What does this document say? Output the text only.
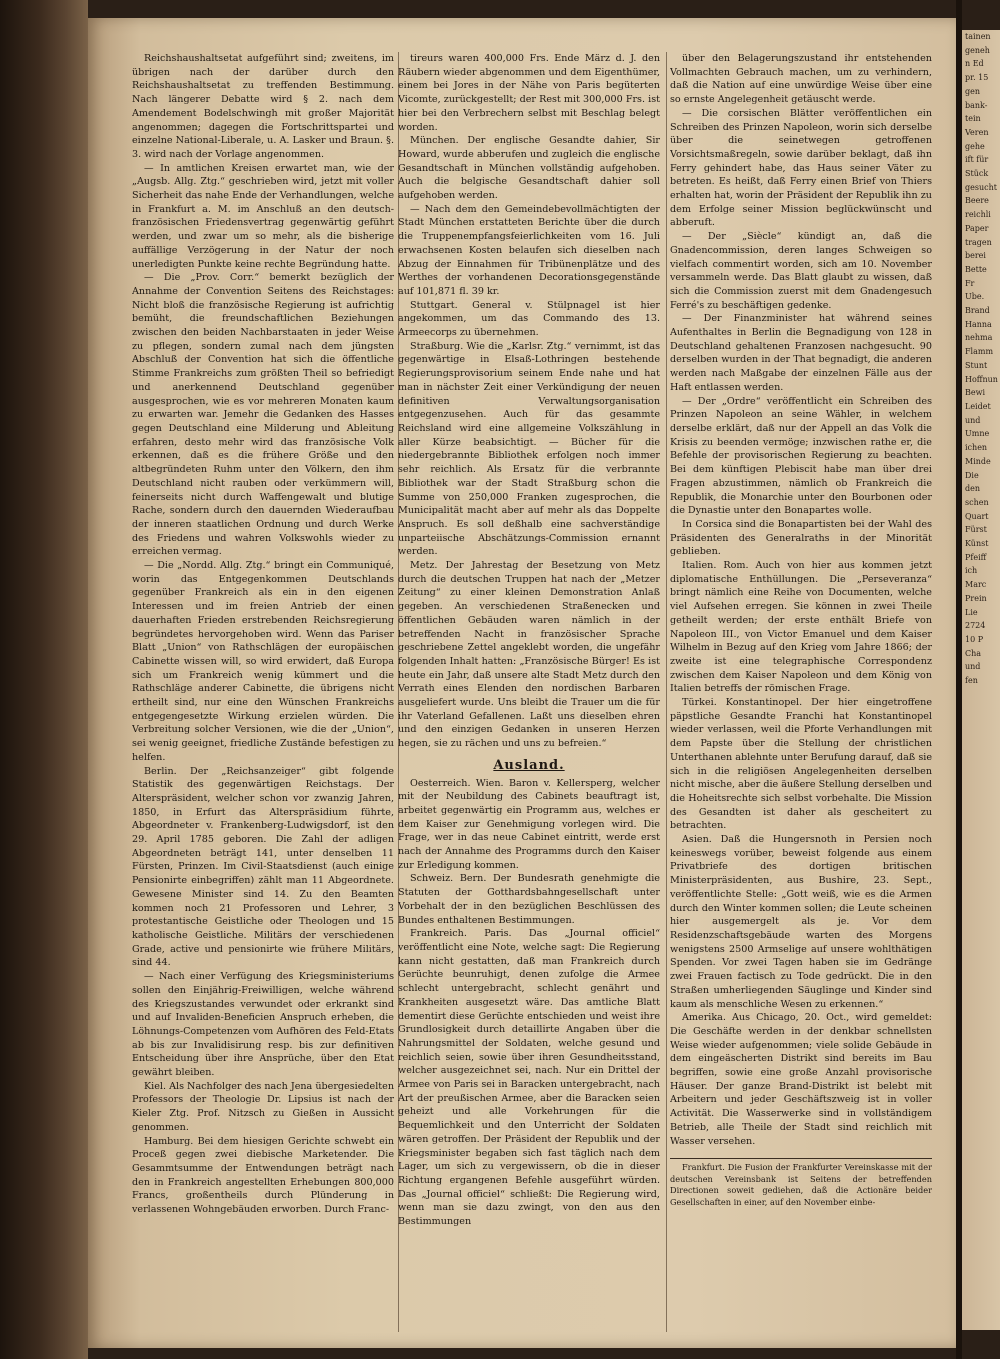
Reichshaushaltsetat aufgeführt sind; zweitens, im übrigen nach der darüber durch den Reichshaushaltsetat zu treffenden Bestimmung. Nach längerer Debatte wird § 2. nach dem Amendement Bodelschwingh mit großer Majorität angenommen; dagegen die Fortschrittspartei und einzelne National-Liberale, u. A. Lasker und Braun. §. 3. wird nach der Vorlage angenommen.

— In amtlichen Kreisen erwartet man, wie der „Augsb. Allg. Ztg.“ geschrieben wird, jetzt mit voller Sicherheit das nahe Ende der Verhandlungen, welche in Frankfurt a. M. im Anschluß an den deutsch-französischen Friedensvertrag gegenwärtig geführt werden, und zwar um so mehr, als die bisherige auffällige Verzögerung in der Natur der noch unerledigten Punkte keine rechte Begründung hatte.

— Die „Prov. Corr.“ bemerkt bezüglich der Annahme der Convention Seitens des Reichstages: Nicht bloß die französische Regierung ist aufrichtig bemüht, die freundschaftlichen Beziehungen zwischen den beiden Nachbarstaaten in jeder Weise zu pflegen, sondern zumal nach dem jüngsten Abschluß der Convention hat sich die öffentliche Stimme Frankreichs zum größten Theil so befriedigt und anerkennend Deutschland gegenüber ausgesprochen, wie es vor mehreren Monaten kaum zu erwarten war. Jemehr die Gedanken des Hasses gegen Deutschland eine Milderung und Ableitung erfahren, desto mehr wird das französische Volk erkennen, daß es die frühere Größe und den altbegründeten Ruhm unter den Völkern, den ihm Deutschland nicht rauben oder verkümmern will, feinerseits nicht durch Waffengewalt und blutige Rache, sondern durch den dauernden Wiederaufbau der inneren staatlichen Ordnung und durch Werke des Friedens und wahren Volkswohls wieder zu erreichen vermag.

— Die „Nordd. Allg. Ztg.“ bringt ein Communiqué, worin das Entgegenkommen Deutschlands gegenüber Frankreich als ein in den eigenen Interessen und im freien Antrieb der einen dauerhaften Frieden erstrebenden Reichsregierung begründetes hervorgehoben wird. Wenn das Pariser Blatt „Union“ von Rathschlägen der europäischen Cabinette wissen will, so wird erwidert, daß Europa sich um Frankreich wenig kümmert und die Rathschläge anderer Cabinette, die übrigens nicht ertheilt sind, nur eine den Wünschen Frankreichs entgegengesetzte Wirkung erzielen würden. Die Verbreitung solcher Versionen, wie die der „Union“, sei wenig geeignet, friedliche Zustände befestigen zu helfen.

Berlin. Der „Reichsanzeiger“ gibt folgende Statistik des gegenwärtigen Reichstags. Der Alterspräsident, welcher schon vor zwanzig Jahren, 1850, in Erfurt das Alterspräsidium führte, Abgeordneter v. Frankenberg-Ludwigsdorf, ist den 29. April 1785 geboren. Die Zahl der adligen Abgeordneten beträgt 141, unter denselben 11 Fürsten, Prinzen. Im Civil-Staatsdienst (auch einige Pensionirte einbegriffen) zählt man 11 Abgeordnete. Gewesene Minister sind 14. Zu den Beamten kommen noch 21 Professoren und Lehrer, 3 protestantische Geistliche oder Theologen und 15 katholische Geistliche. Militärs der verschiedenen Grade, active und pensionirte wie frühere Militärs, sind 44.

— Nach einer Verfügung des Kriegsministeriums sollen den Einjährig-Freiwilligen, welche während des Kriegszustandes verwundet oder erkrankt sind und auf Invaliden-Beneficien Anspruch erheben, die Löhnungs-Competenzen vom Aufhören des Feld-Etats ab bis zur Invalidisirung resp. bis zur definitiven Entscheidung über ihre Ansprüche, über den Etat gewährt bleiben.

Kiel. Als Nachfolger des nach Jena übergesiedelten Professors der Theologie Dr. Lipsius ist nach der Kieler Ztg. Prof. Nitzsch zu Gießen in Aussicht genommen.

Hamburg. Bei dem hiesigen Gerichte schwebt ein Proceß gegen zwei diebische Marketender. Die Gesammtsumme der Entwendungen beträgt nach den in Frankreich angestellten Erhebungen 800,000 Francs, großentheils durch Plünderung in verlassenen Wohngebäuden erworben. Durch Franc-

tireurs waren 400,000 Frs. Ende März d. J. den Räubern wieder abgenommen und dem Eigenthümer, einem bei Jores in der Nähe von Paris begüterten Vicomte, zurückgestellt; der Rest mit 300,000 Frs. ist hier bei den Verbrechern selbst mit Beschlag belegt worden.

München. Der englische Gesandte dahier, Sir Howard, wurde abberufen und zugleich die englische Gesandtschaft in München vollständig aufgehoben. Auch die belgische Gesandtschaft dahier soll aufgehoben werden.

— Nach dem den Gemeindebevollmächtigten der Stadt München erstatteten Berichte über die durch die Truppenempfangsfeierlichkeiten vom 16. Juli erwachsenen Kosten belaufen sich dieselben nach Abzug der Einnahmen für Tribünenplätze und des Werthes der vorhandenen Decorationsgegenstände auf 101,871 fl. 39 kr.

Stuttgart. General v. Stülpnagel ist hier angekommen, um das Commando des 13. Armeecorps zu übernehmen.

Straßburg. Wie die „Karlsr. Ztg.“ vernimmt, ist das gegenwärtige in Elsaß-Lothringen bestehende Regierungsprovisorium seinem Ende nahe und hat man in nächster Zeit einer Verkündigung der neuen definitiven Verwaltungsorganisation entgegenzusehen. Auch für das gesammte Reichsland wird eine allgemeine Volkszählung in aller Kürze beabsichtigt. — Bücher für die niedergebrannte Bibliothek erfolgen noch immer sehr reichlich. Als Ersatz für die verbrannte Bibliothek war der Stadt Straßburg schon die Summe von 250,000 Franken zugesprochen, die Municipalität macht aber auf mehr als das Doppelte Anspruch. Es soll deßhalb eine sachverständige unparteiische Abschätzungs-Commission ernannt werden.

Metz. Der Jahrestag der Besetzung von Metz durch die deutschen Truppen hat nach der „Metzer Zeitung“ zu einer kleinen Demonstration Anlaß gegeben. An verschiedenen Straßenecken und öffentlichen Gebäuden waren nämlich in der betreffenden Nacht in französischer Sprache geschriebene Zettel angeklebt worden, die ungefähr folgenden Inhalt hatten: „Französische Bürger! Es ist heute ein Jahr, daß unsere alte Stadt Metz durch den Verrath eines Elenden den nordischen Barbaren ausgeliefert wurde. Uns bleibt die Trauer um die für ihr Vaterland Gefallenen. Laßt uns dieselben ehren und den einzigen Gedanken in unseren Herzen hegen, sie zu rächen und uns zu befreien.“

Ausland.

Oesterreich. Wien. Baron v. Kellersperg, welcher mit der Neubildung des Cabinets beauftragt ist, arbeitet gegenwärtig ein Programm aus, welches er dem Kaiser zur Genehmigung vorlegen wird. Die Frage, wer in das neue Cabinet eintritt, werde erst nach der Annahme des Programms durch den Kaiser zur Erledigung kommen.

Schweiz. Bern. Der Bundesrath genehmigte die Statuten der Gotthardsbahngesellschaft unter Vorbehalt der in den bezüglichen Beschlüssen des Bundes enthaltenen Bestimmungen.

Frankreich. Paris. Das „Journal officiel“ veröffentlicht eine Note, welche sagt: Die Regierung kann nicht gestatten, daß man Frankreich durch Gerüchte beunruhigt, denen zufolge die Armee schlecht untergebracht, schlecht genährt und Krankheiten ausgesetzt wäre. Das amtliche Blatt dementirt diese Gerüchte entschieden und weist ihre Grundlosigkeit durch detaillirte Angaben über die Nahrungsmittel der Soldaten, welche gesund und reichlich seien, sowie über ihren Gesundheitsstand, welcher ausgezeichnet sei, nach. Nur ein Drittel der Armee von Paris sei in Baracken untergebracht, nach Art der preußischen Armee, aber die Baracken seien geheizt und alle Vorkehrungen für die Bequemlichkeit und den Unterricht der Soldaten wären getroffen. Der Präsident der Republik und der Kriegsminister begaben sich fast täglich nach dem Lager, um sich zu vergewissern, ob die in dieser Richtung ergangenen Befehle ausgeführt würden. Das „Journal officiel“ schließt: Die Regierung wird, wenn man sie dazu zwingt, von den aus den Bestimmungen

über den Belagerungszustand ihr entstehenden Vollmachten Gebrauch machen, um zu verhindern, daß die Nation auf eine unwürdige Weise über eine so ernste Angelegenheit getäuscht werde.

— Die corsischen Blätter veröffentlichen ein Schreiben des Prinzen Napoleon, worin sich derselbe über die seinetwegen getroffenen Vorsichtsmaßregeln, sowie darüber beklagt, daß ihn Ferry gehindert habe, das Haus seiner Väter zu betreten. Es heißt, daß Ferry einen Brief von Thiers erhalten hat, worin der Präsident der Republik ihn zu dem Erfolge seiner Mission beglückwünscht und abberuft.

— Der „Siècle“ kündigt an, daß die Gnadencommission, deren langes Schweigen so vielfach commentirt worden, sich am 10. November versammeln werde. Das Blatt glaubt zu wissen, daß sich die Commission zuerst mit dem Gnadengesuch Ferré's zu beschäftigen gedenke.

— Der Finanzminister hat während seines Aufenthaltes in Berlin die Begnadigung von 128 in Deutschland gehaltenen Franzosen nachgesucht. 90 derselben wurden in der That begnadigt, die anderen werden nach Maßgabe der einzelnen Fälle aus der Haft entlassen werden.

— Der „Ordre“ veröffentlicht ein Schreiben des Prinzen Napoleon an seine Wähler, in welchem derselbe erklärt, daß nur der Appell an das Volk die Krisis zu beenden vermöge; inzwischen rathe er, die Befehle der provisorischen Regierung zu beachten. Bei dem künftigen Plebiscit habe man über drei Fragen abzustimmen, nämlich ob Frankreich die Republik, die Monarchie unter den Bourbonen oder die Dynastie unter den Bonapartes wolle.

In Corsica sind die Bonapartisten bei der Wahl des Präsidenten des Generalraths in der Minorität geblieben.

Italien. Rom. Auch von hier aus kommen jetzt diplomatische Enthüllungen. Die „Perseveranza“ bringt nämlich eine Reihe von Documenten, welche viel Aufsehen erregen. Sie können in zwei Theile getheilt werden; der erste enthält Briefe von Napoleon III., von Victor Emanuel und dem Kaiser Wilhelm in Bezug auf den Krieg vom Jahre 1866; der zweite ist eine telegraphische Correspondenz zwischen dem Kaiser Napoleon und dem König von Italien betreffs der römischen Frage.

Türkei. Konstantinopel. Der hier eingetroffene päpstliche Gesandte Franchi hat Konstantinopel wieder verlassen, weil die Pforte Verhandlungen mit dem Papste über die Stellung der christlichen Unterthanen ablehnte unter Berufung darauf, daß sie sich in die religiösen Angelegenheiten derselben nicht mische, aber die äußere Stellung derselben und die Hoheitsrechte sich selbst vorbehalte. Die Mission des Gesandten ist daher als gescheitert zu betrachten.

Asien. Daß die Hungersnoth in Persien noch keineswegs vorüber, beweist folgende aus einem Privatbriefe des dortigen britischen Ministerpräsidenten, aus Bushire, 23. Sept., veröffentlichte Stelle: „Gott weiß, wie es die Armen durch den Winter kommen sollen; die Leute scheinen hier ausgemergelt als je. Vor dem Residenzschaftsgebäude warten des Morgens wenigstens 2500 Armselige auf unsere wohlthätigen Spenden. Vor zwei Tagen haben sie im Gedränge zwei Frauen factisch zu Tode gedrückt. Die in den Straßen umherliegenden Säuglinge und Kinder sind kaum als menschliche Wesen zu erkennen.“

Amerika. Aus Chicago, 20. Oct., wird gemeldet: Die Geschäfte werden in der denkbar schnellsten Weise wieder aufgenommen; viele solide Gebäude in dem eingeäscherten Distrikt sind bereits im Bau begriffen, sowie eine große Anzahl provisorische Häuser. Der ganze Brand-Distrikt ist belebt mit Arbeitern und jeder Geschäftszweig ist in voller Activität. Die Wasserwerke sind in vollständigem Betrieb, alle Theile der Stadt sind reichlich mit Wasser versehen.

Frankfurt. Die Fusion der Frankfurter Vereinskasse mit der deutschen Vereinsbank ist Seitens der betreffenden Directionen soweit gediehen, daß die Actionäre beider Gesellschaften in einer, auf den November einbe-

tainen
geneh
n Ed
pr. 15
gen
bank-
tein
Veren
gehe
ift für
Stück
gesucht
Beere
reichli
Paper
tragen
berei
Bette
Fr
Ube.
Brand
Hanna
nehma
Flamm
Stunt
Hoffnun
Bewi
Leidet
und
Umne
ichen
Minde
Die
den
schen
Quart
Fürst
Künst
Pfeiff
ich
Marc
Prein
Lie
2724
10 P
Cha
und
fen
